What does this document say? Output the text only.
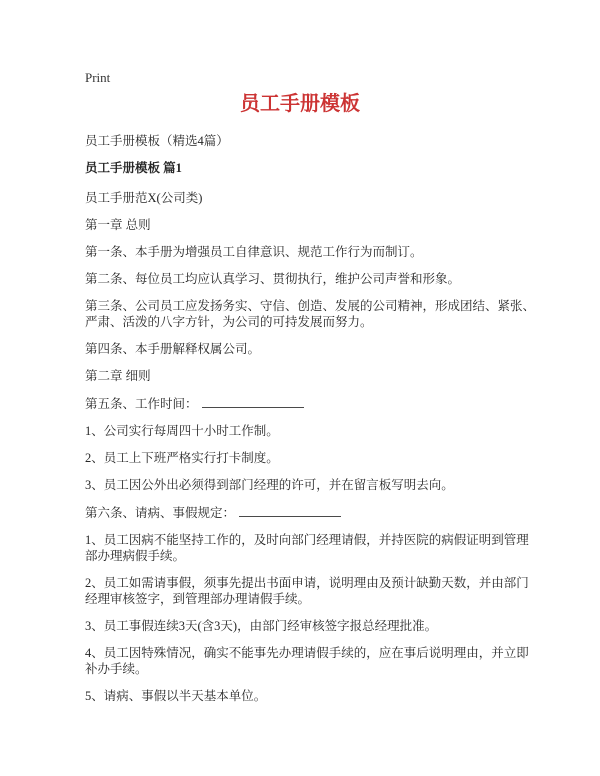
Print
员工手册模板

员工手册模板（精选4篇）

员工手册模板 篇1

员工手册范X(公司类)

第一章 总则

第一条、本手册为增强员工自律意识、规范工作行为而制订。

第二条、每位员工均应认真学习、贯彻执行，维护公司声誉和形象。

第三条、公司员工应发扬务实、守信、创造、发展的公司精神，形成团结、紧张、严肃、活泼的八字方针，为公司的可持发展而努力。

第四条、本手册解释权属公司。

第二章 细则

第五条、工作时间：

1、公司实行每周四十小时工作制。

2、员工上下班严格实行打卡制度。

3、员工因公外出必须得到部门经理的许可，并在留言板写明去向。

第六条、请病、事假规定：

1、员工因病不能坚持工作的，及时向部门经理请假，并持医院的病假证明到管理部办理病假手续。

2、员工如需请事假，须事先提出书面申请，说明理由及预计缺勤天数，并由部门经理审核签字，到管理部办理请假手续。

3、员工事假连续3天(含3天)，由部门经审核签字报总经理批准。

4、员工因特殊情况，确实不能事先办理请假手续的，应在事后说明理由，并立即补办手续。

5、请病、事假以半天基本单位。
